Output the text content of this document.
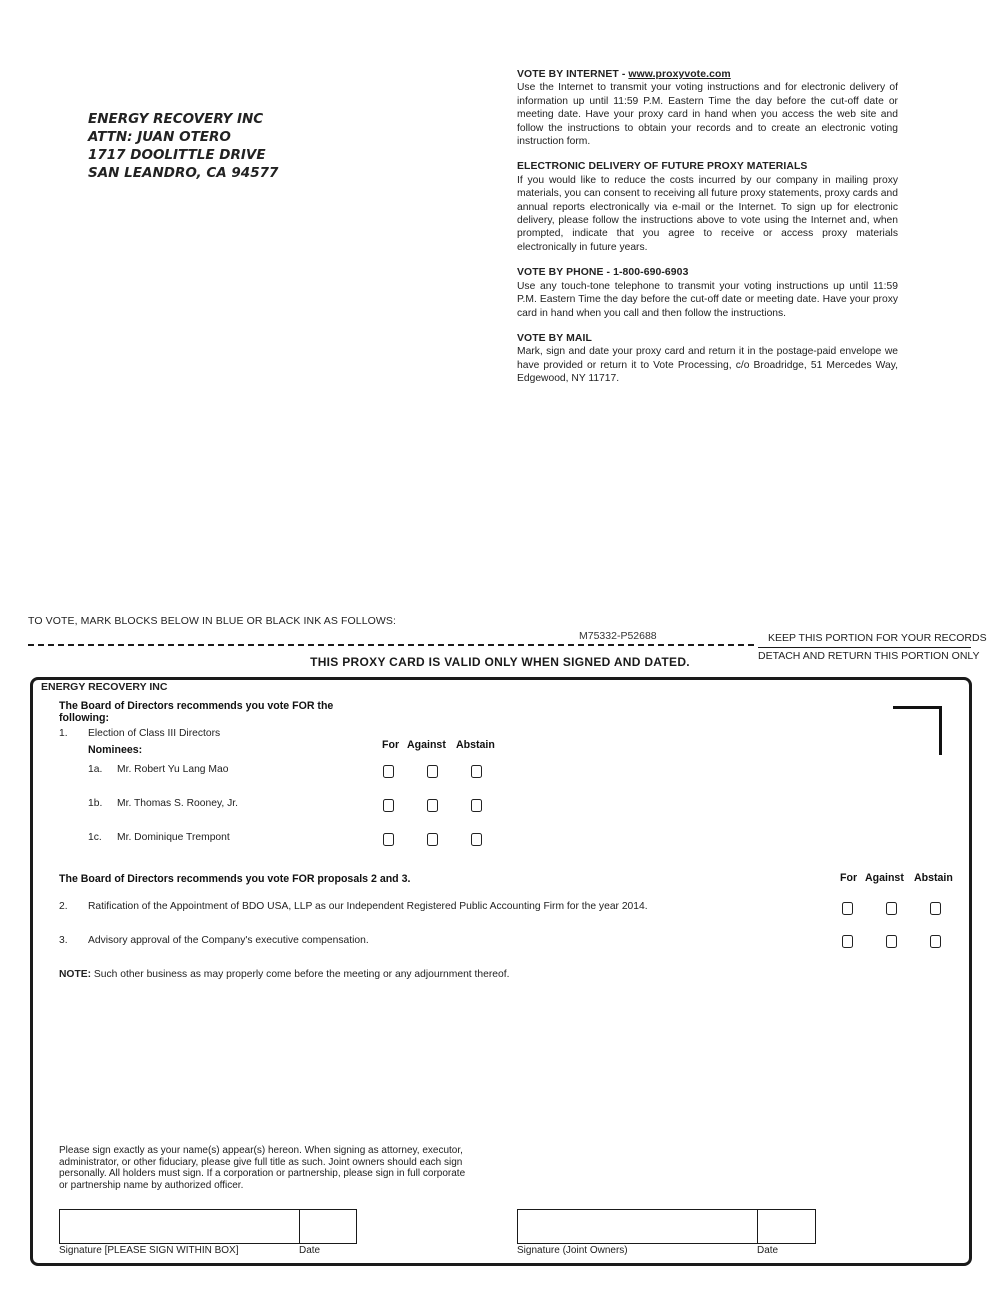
ENERGY RECOVERY INC
ATTN: JUAN OTERO
1717 DOOLITTLE DRIVE
SAN LEANDRO, CA 94577
VOTE BY INTERNET - www.proxyvote.com

Use the Internet to transmit your voting instructions and for electronic delivery of information up until 11:59 P.M. Eastern Time the day before the cut-off date or meeting date. Have your proxy card in hand when you access the web site and follow the instructions to obtain your records and to create an electronic voting instruction form.

ELECTRONIC DELIVERY OF FUTURE PROXY MATERIALS

If you would like to reduce the costs incurred by our company in mailing proxy materials, you can consent to receiving all future proxy statements, proxy cards and annual reports electronically via e-mail or the Internet. To sign up for electronic delivery, please follow the instructions above to vote using the Internet and, when prompted, indicate that you agree to receive or access proxy materials electronically in future years.

VOTE BY PHONE - 1-800-690-6903

Use any touch-tone telephone to transmit your voting instructions up until 11:59 P.M. Eastern Time the day before the cut-off date or meeting date. Have your proxy card in hand when you call and then follow the instructions.

VOTE BY MAIL

Mark, sign and date your proxy card and return it in the postage-paid envelope we have provided or return it to Vote Processing, c/o Broadridge, 51 Mercedes Way, Edgewood, NY 11717.

TO VOTE, MARK BLOCKS BELOW IN BLUE OR BLACK INK AS FOLLOWS:
M75332-P52688	KEEP THIS PORTION FOR YOUR RECORDS
DETACH AND RETURN THIS PORTION ONLY
THIS PROXY CARD IS VALID ONLY WHEN SIGNED AND DATED.
ENERGY RECOVERY INC
The Board of Directors recommends you vote FOR the
following:
1. Election of Class III Directors
Nominees:	For Against Abstain
1a. Mr. Robert Yu Lang Mao
1b. Mr. Thomas S. Rooney, Jr.
1c. Mr. Dominique Trempont
The Board of Directors recommends you vote FOR proposals 2 and 3.	For Against Abstain
2. Ratification of the Appointment of BDO USA, LLP as our Independent Registered Public Accounting Firm for the year 2014.
3. Advisory approval of the Company's executive compensation.
NOTE: Such other business as may properly come before the meeting or any adjournment thereof.

Please sign exactly as your name(s) appear(s) hereon. When signing as attorney, executor,

administrator, or other fiduciary, please give full title as such. Joint owners should each sign

personally. All holders must sign. If a corporation or partnership, please sign in full corporate

or partnership name by authorized officer.

Signature [PLEASE SIGN WITHIN BOX]	Date	Signature (Joint Owners)	Date
